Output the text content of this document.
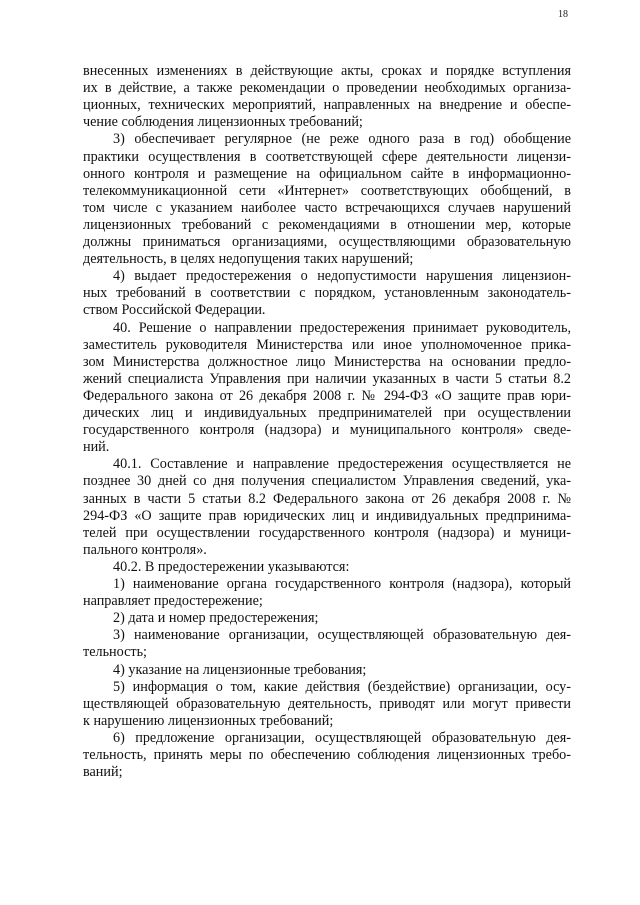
18
внесенных изменениях в действующие акты, сроках и порядке вступления
их в действие, а также рекомендации о проведении необходимых организа-
ционных, технических мероприятий, направленных на внедрение и обеспе-
чение соблюдения лицензионных требований;
3) обеспечивает регулярное (не реже одного раза в год) обобщение
практики осуществления в соответствующей сфере деятельности лицензи-
онного контроля и размещение на официальном сайте в информационно-
телекоммуникационной сети «Интернет» соответствующих обобщений, в
том числе с указанием наиболее часто встречающихся случаев нарушений
лицензионных требований с рекомендациями в отношении мер, которые
должны приниматься организациями, осуществляющими образовательную
деятельность, в целях недопущения таких нарушений;
4) выдает предостережения о недопустимости нарушения лицензион-
ных требований в соответствии с порядком, установленным законодатель-
ством Российской Федерации.
40. Решение о направлении предостережения принимает руководитель,
заместитель руководителя Министерства или иное уполномоченное прика-
зом Министерства должностное лицо Министерства на основании предло-
жений специалиста Управления при наличии указанных в части 5 статьи 8.2
Федерального закона от 26 декабря 2008 г. № 294-ФЗ «О защите прав юри-
дических лиц и индивидуальных предпринимателей при осуществлении
государственного контроля (надзора) и муниципального контроля» сведе-
ний.
40.1. Составление и направление предостережения осуществляется не
позднее 30 дней со дня получения специалистом Управления сведений, ука-
занных в части 5 статьи 8.2 Федерального закона от 26 декабря 2008 г. №
294-ФЗ «О защите прав юридических лиц и индивидуальных предпринима-
телей при осуществлении государственного контроля (надзора) и муници-
пального контроля».
40.2. В предостережении указываются:
1) наименование органа государственного контроля (надзора), который
направляет предостережение;
2) дата и номер предостережения;
3) наименование организации, осуществляющей образовательную дея-
тельность;
4) указание на лицензионные требования;
5) информация о том, какие действия (бездействие) организации, осу-
ществляющей образовательную деятельность, приводят или могут привести
к нарушению лицензионных требований;
6) предложение организации, осуществляющей образовательную дея-
тельность, принять меры по обеспечению соблюдения лицензионных требо-
ваний;
